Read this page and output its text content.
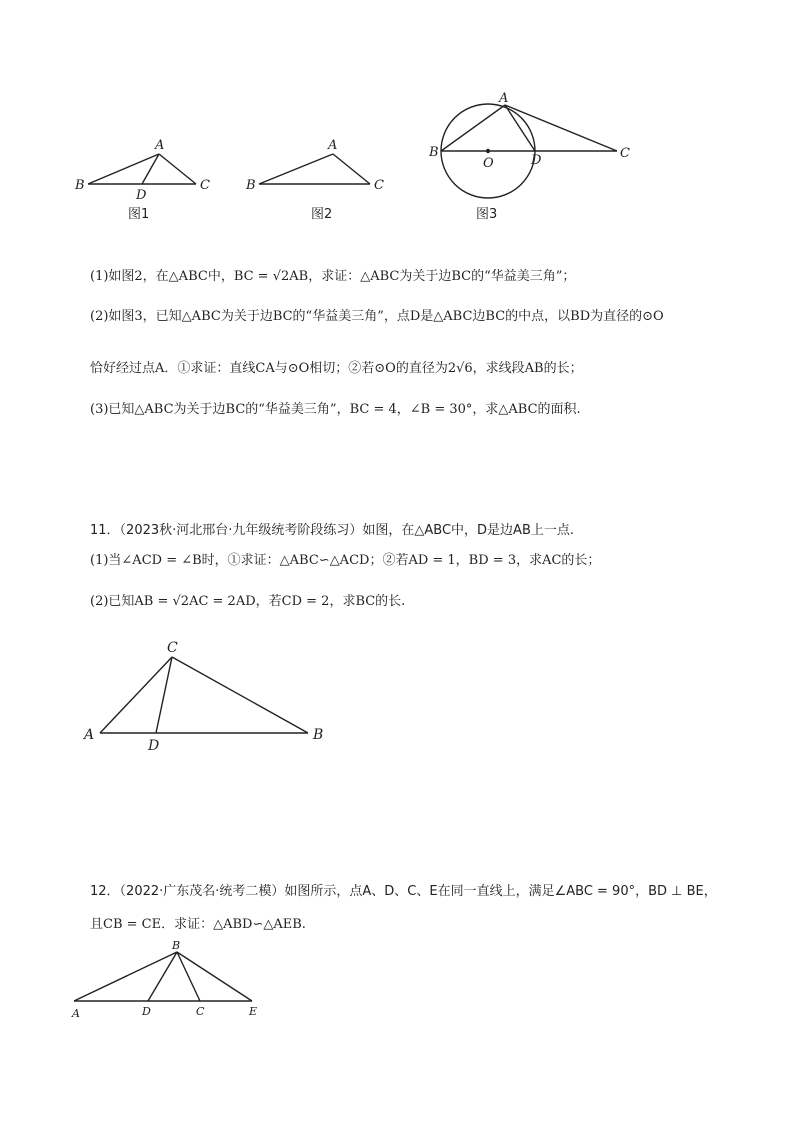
A
B	C
D
图1
A
B	C
图2
A
B
O	D	C
图3
(1)如图2，在△ABC中，BC = √2AB，求证：△ABC为关于边BC的“华益美三角”；
(2)如图3，已知△ABC为关于边BC的“华益美三角”，点D是△ABC边BC的中点，以BD为直径的⊙O
恰好经过点A．①求证：直线CA与⊙O相切；②若⊙O的直径为2√6，求线段AB的长；
(3)已知△ABC为关于边BC的“华益美三角”，BC = 4，∠B = 30°，求△ABC的面积.
11．（2023秋·河北邢台·九年级统考阶段练习）如图，在△ABC中，D是边AB上一点.
(1)当∠ACD = ∠B时，①求证：△ABC∽△ACD；②若AD = 1，BD = 3，求AC的长；
(2)已知AB = √2AC = 2AD，若CD = 2，求BC的长.
A	B
C
D
12．（2022·广东茂名·统考二模）如图所示，点A、D、C、E在同一直线上，满足∠ABC = 90°，BD ⊥ BE，
且CB = CE．求证：△ABD∽△AEB.
A
B
C
D	E
